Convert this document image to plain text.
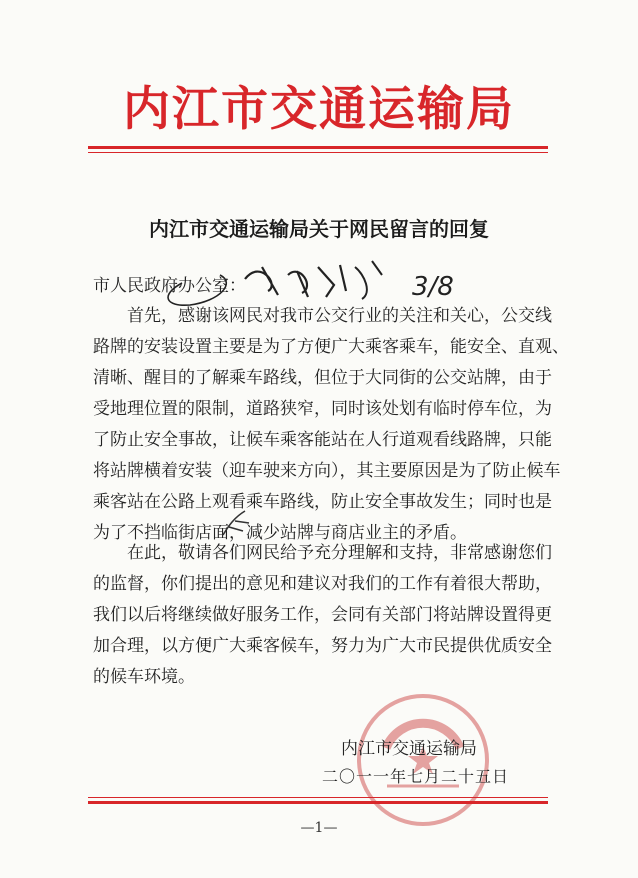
内江市交通运输局
内江市交通运输局关于网民留言的回复
市人民政府办公室：
首先，感谢该网民对我市公交行业的关注和关心，公交线
路牌的安装设置主要是为了方便广大乘客乘车，能安全、直观、
清晰、醒目的了解乘车路线，但位于大同街的公交站牌，由于
受地理位置的限制，道路狭窄，同时该处划有临时停车位，为
了防止安全事故，让候车乘客能站在人行道观看线路牌，只能
将站牌横着安装（迎车驶来方向），其主要原因是为了防止候车
乘客站在公路上观看乘车路线，防止安全事故发生；同时也是
为了不挡临街店面，减少站牌与商店业主的矛盾。
在此，敬请各们网民给予充分理解和支持，非常感谢您们
的监督，你们提出的意见和建议对我们的工作有着很大帮助，
我们以后将继续做好服务工作，会同有关部门将站牌设置得更
加合理，以方便广大乘客候车，努力为广大市民提供优质安全
的候车环境。
内江市交通运输局
二〇一一年七月二十五日
3/8
—1—
